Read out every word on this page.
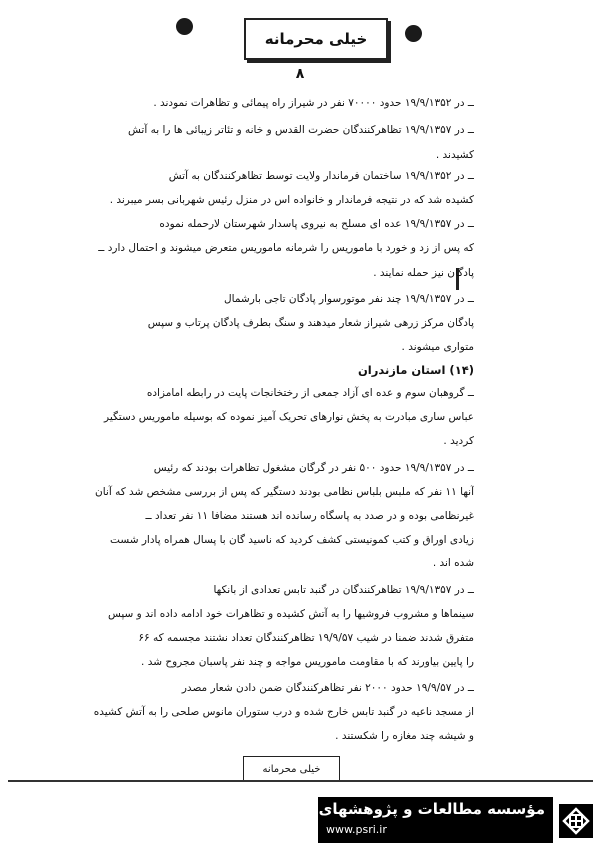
خیلی محرمانه
۸
ــ در ۱۹/۹/۱۳۵۲ حدود ۷۰۰۰۰ نفر در شیراز راه پیمائی و تظاهرات نمودند .
ــ در ۱۹/۹/۱۳۵۷ تظاهرکنندگان حضرت القدس و خانه و تئاتر زیبائی ها را به آتش
کشیدند .
ــ در ۱۹/۹/۱۳۵۲ ساختمان فرماندار ولایت توسط تظاهرکنندگان به آتش
کشیده شد که در نتیجه فرماندار و خانواده اس در منزل رئیس شهربانی بسر میبرند .
ــ در ۱۹/۹/۱۳۵۷ عده ای مسلح به نیروی پاسدار شهرستان لارحمله نموده
که پس از زد و خورد با ماموریس را شرمانه ماموریس متعرض میشوند و احتمال دارد ــ
پادگان نیز حمله نمایند .
ــ در ۱۹/۹/۱۳۵۷ چند نفر موتورسوار پادگان تاجی بارشمال
پادگان مرکز زرهی شیراز شعار میدهند و سنگ بطرف پادگان پرتاب و سپس
متواری میشوند .
(۱۴) استان مازندران
ــ گروهبان سوم و عده ای آزاد جمعی از رختخانجات پایت در رابطه امامزاده
عباس ساری مبادرت به پخش نوارهای تحریک آمیز نموده که بوسیله ماموریس دستگیر
کردید .
ــ در ۱۹/۹/۱۳۵۷ حدود ۵۰۰ نفر در گرگان مشغول تظاهرات بودند که رئیس
آنها ۱۱ نفر که ملبس بلباس نظامی بودند دستگیر که پس از بررسی مشخص شد که آنان
غیرنظامی بوده و در صدد به پاسگاه رسانده اند هستند مضافا ۱۱ نفر تعداد ــ
زیادی اوراق و کتب کمونیستی کشف کردید که ناسید گان با پسال همراه پادار شست
شده اند .
ــ در ۱۹/۹/۱۳۵۷ تظاهرکنندگان در گنبد تابس تعدادی از بانکها
سینماها و مشروب فروشیها را به آتش کشیده و تظاهرات خود ادامه داده اند و سپس
متفرق شدند ضمنا در شیب ۱۹/۹/۵۷ تظاهرکنندگان تعداد نشتند مجسمه که ۶۶
را پایین بیاورند که با مقاومت ماموریس مواجه و چند نفر پاسبان مجروح شد .
ــ در ۱۹/۹/۵۷ حدود ۲۰۰۰ نفر تظاهرکنندگان ضمن دادن شعار مصدر
از مسجد ناعیه در گنبد تابس خارج شده و درب ستوران مانوس صلحی را به آتش کشیده
و شیشه چند مغازه را شکستند .
خیلی محرمانه
مؤسسه مطالعات و پژوهشهای سیاسی
www.psri.ir
